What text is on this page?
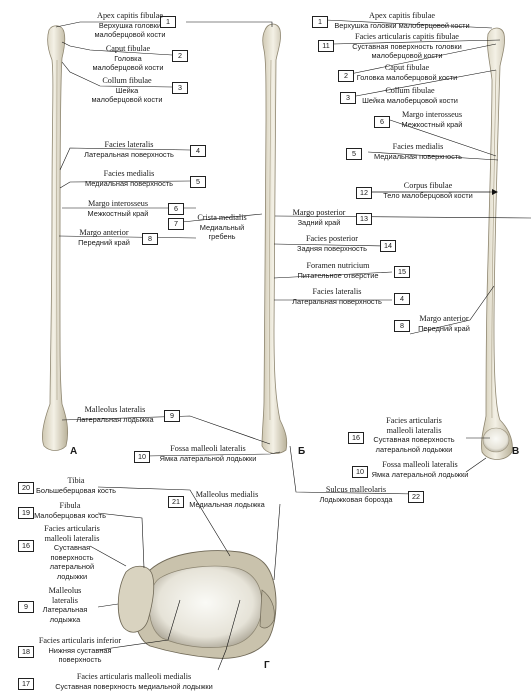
А	Б	В
Г
1
Apex capitis fibulae
Верхушка головки
малоберцовой кости
2
Caput fibulae
Головка
малоберцовой кости
3
Collum fibulae
Шейка
малоберцовой кости
4
Facies lateralis
Латеральная поверхность
5
Facies medialis
Медиальная поверхность
6
Margo interosseus
Межкостный край
7
Crista medialis
Медиальный
гребень
8
Margo anterior
Передний край
9
Malleolus lateralis
Латеральная лодыжка
10
Fossa malleoli lateralis
Ямка латеральной лодыжки
13
Margo posterior
Задний край
14
Facies posterior
Задняя поверхность
15
Foramen nutricium
Питательное отверстие
4
Facies lateralis
Латеральная поверхность
22
Sulcus malleolaris
Лодыжковая борозда
1
Apex capitis fibulae
Верхушка головки малоберцовой кости
11
Facies articularis capitis fibulae
Суставная поверхность головки
малоберцовой кости
2
Caput fibulae
Головка малоберцовой кости
3
Collum fibulae
Шейка малоберцовой кости
6
Margo interosseus
Межкостный край
5
Facies medialis
Медиальная поверхность
12
Corpus fibulae
Тело малоберцовой кости
8
Margo anterior
Передний край
16
Facies articularis
malleoli lateralis
Суставная поверхность
латеральной лодыжки
10
Fossa malleoli lateralis
Ямка латеральной лодыжки
20
Tibia
Большеберцовая кость
19
Fibula
Малоберцовая кость
21
Malleolus medialis
Медиальная лодыжка
16
Facies articularis
malleoli lateralis
Суставная
поверхность
латеральной
лодыжки
9
Malleolus
lateralis
Латеральная
лодыжка
18
Facies articularis inferior
Нижняя суставная
поверхность
17
Facies articularis malleoli medialis
Суставная поверхность медиальной лодыжки
